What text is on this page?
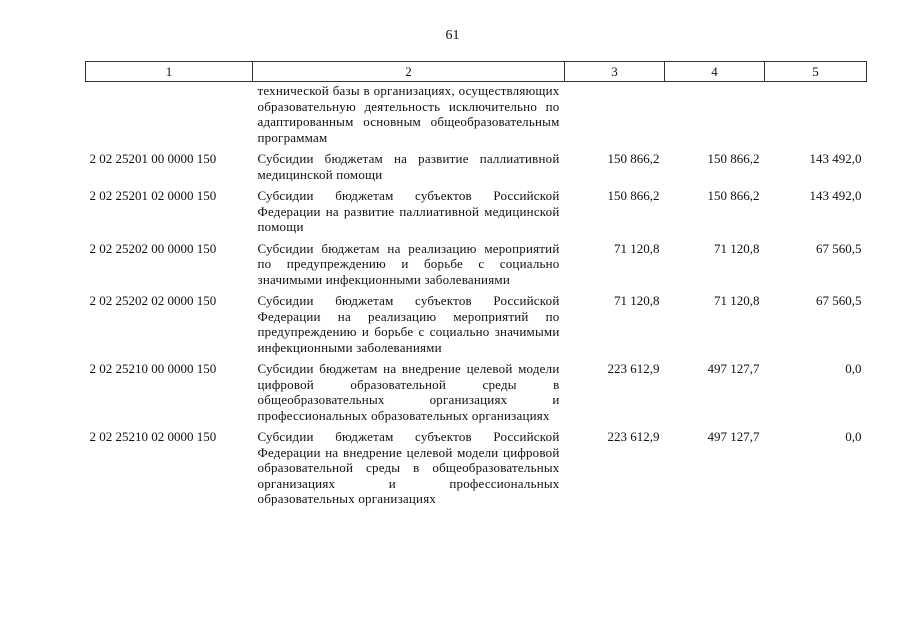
61
1	2	3	4	5
	технической базы в организациях, осуществляющих образовательную деятельность исключительно по адаптированным основным общеобразовательным программам			
2 02 25201 00 0000 150	Субсидии бюджетам на развитие паллиативной медицинской помощи	150 866,2	150 866,2	143 492,0
2 02 25201 02 0000 150	Субсидии бюджетам субъектов Российской Федерации на развитие паллиативной медицинской помощи	150 866,2	150 866,2	143 492,0
2 02 25202 00 0000 150	Субсидии бюджетам на реализацию мероприятий по предупреждению и борьбе с социально значимыми инфекционными заболеваниями	71 120,8	71 120,8	67 560,5
2 02 25202 02 0000 150	Субсидии бюджетам субъектов Российской Федерации на реализацию мероприятий по предупреждению и борьбе с социально значимыми инфекционными заболеваниями	71 120,8	71 120,8	67 560,5
2 02 25210 00 0000 150	Субсидии бюджетам на внедрение целевой модели цифровой образовательной среды в общеобразовательных организациях и профессиональных образовательных организациях	223 612,9	497 127,7	0,0
2 02 25210 02 0000 150	Субсидии бюджетам субъектов Российской Федерации на внедрение целевой модели цифровой образовательной среды в общеобразовательных организациях и профессиональных образовательных организациях	223 612,9	497 127,7	0,0
